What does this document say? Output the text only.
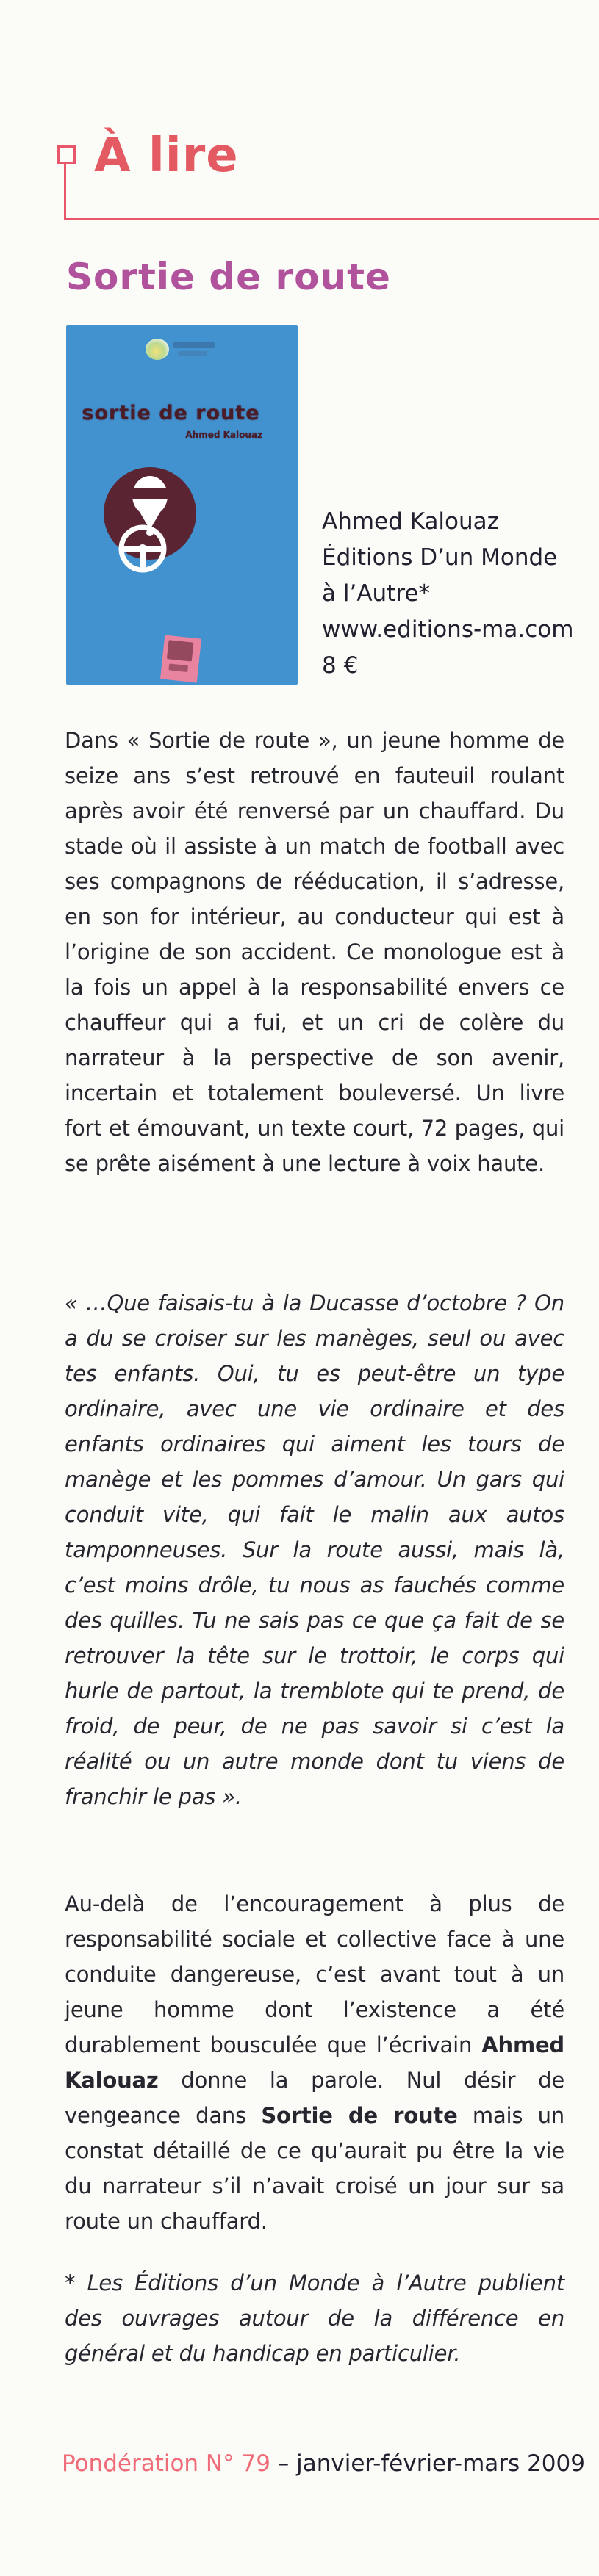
À lire
Sortie de route
sortie de route
Ahmed Kalouaz
Ahmed Kalouaz
Éditions D’un Monde
à l’Autre*
www.editions-ma.com
8 €
Dans « Sortie de route », un jeune homme de seize ans s’est retrouvé en fauteuil roulant après avoir été renversé par un chauffard. Du stade où il assiste à un match de football avec ses compagnons de rééducation, il s’adresse, en son for intérieur, au conducteur qui est à l’origine de son accident. Ce monologue est à la fois un appel à la responsabilité envers ce chauffeur qui a fui, et un cri de colère du narrateur à la perspective de son avenir, incertain et totalement bouleversé. Un livre fort et émouvant, un texte court, 72 pages, qui se prête aisément à une lecture à voix haute.
« …Que faisais-tu à la Ducasse d’octobre ? On a du se croiser sur les manèges, seul ou avec tes enfants. Oui, tu es peut-être un type ordinaire, avec une vie ordinaire et des enfants ordinaires qui aiment les tours de manège et les pommes d’amour. Un gars qui conduit vite, qui fait le malin aux autos tamponneuses. Sur la route aussi, mais là, c’est moins drôle, tu nous as fauchés comme des quilles. Tu ne sais pas ce que ça fait de se retrouver la tête sur le trottoir, le corps qui hurle de partout, la tremblote qui te prend, de froid, de peur, de ne pas savoir si c’est la réalité ou un autre monde dont tu viens de franchir le pas ».
Au-delà de l’encouragement à plus de responsabilité sociale et collective face à une conduite dangereuse, c’est avant tout à un jeune homme dont l’existence a été durablement bousculée que l’écrivain Ahmed Kalouaz donne la parole. Nul désir de vengeance dans Sortie de route mais un constat détaillé de ce qu’aurait pu être la vie du narrateur s’il n’avait croisé un jour sur sa route un chauffard.
* Les Éditions d’un Monde à l’Autre publient des ouvrages autour de la différence en général et du handicap en particulier.
Pondération N° 79 – janvier-février-mars 2009
